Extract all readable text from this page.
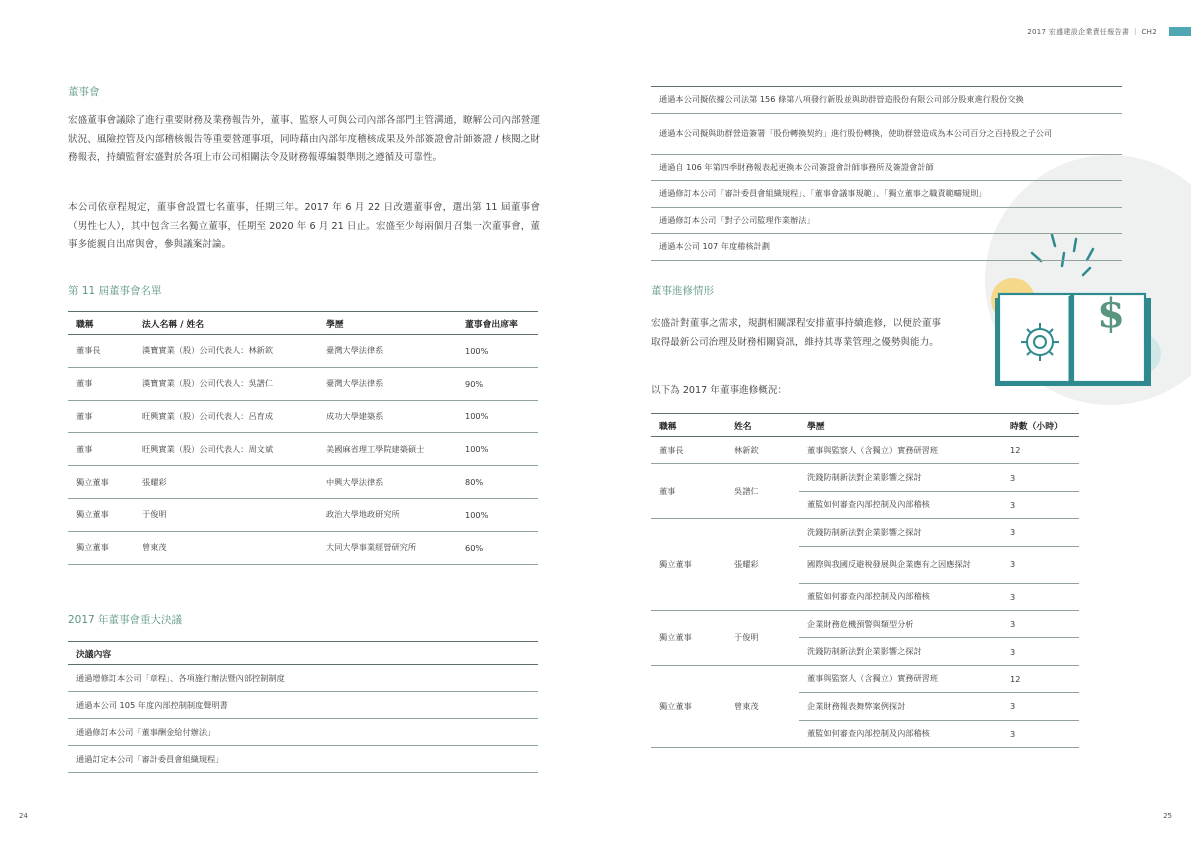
2017 宏盛建設企業責任報告書 ｜ CH2
24	25
董事會

宏盛董事會議除了進行重要財務及業務報告外，董事、監察人可與公司內部各部門主管溝通，瞭解公司內部營運狀況、風險控管及內部稽核報告等重要營運事項，同時藉由內部年度稽核成果及外部簽證會計師簽證 / 核閱之財務報表，持續監督宏盛對於各項上市公司相關法令及財務報導編製準則之遵循及可靠性。

本公司依章程規定，董事會設置七名董事，任期三年。2017 年 6 月 22 日改選董事會，選出第 11 屆董事會（男性七人），其中包含三名獨立董事，任期至 2020 年 6 月 21 日止。宏盛至少每兩個月召集一次董事會，董事多能親自出席與會，參與議案討論。

第 11 屆董事會名單
職稱	法人名稱 / 姓名	學歷	董事會出席率
董事長	漢寶實業（股）公司代表人：林新欽	臺灣大學法律系	100%
董事	漢寶實業（股）公司代表人：吳譜仁	臺灣大學法律系	90%
董事	旺興實業（股）公司代表人：呂育成	成功大學建築系	100%
董事	旺興實業（股）公司代表人：周文斌	美國麻省理工學院建築碩士	100%
獨立董事	張耀彩	中興大學法律系	80%
獨立董事	于俊明	政治大學地政研究所	100%
獨立董事	曾東茂	大同大學事業經營研究所	60%
2017 年董事會重大決議
決議內容
通過增修訂本公司「章程」、各項施行辦法暨內部控制制度
通過本公司 105 年度內部控制制度聲明書
通過修訂本公司「董事酬金給付辦法」
通過訂定本公司「審計委員會組織規程」
$
通過本公司擬依據公司法第 156 條第八項發行新股並與助群營造股份有限公司部分股東進行股份交換
通過本公司擬與助群營造簽署「股份轉換契約」進行股份轉換，使助群營造成為本公司百分之百持股之子公司
通過自 106 年第四季財務報表起更換本公司簽證會計師事務所及簽證會計師
通過修訂本公司「審計委員會組織規程」、「董事會議事規範」、「獨立董事之職責範疇規則」
通過修訂本公司「對子公司監理作業辦法」
通過本公司 107 年度稽核計劃
董事進修情形

宏盛計對董事之需求，規劃相關課程安排董事持續進修，以便於董事取得最新公司治理及財務相關資訊，維持其專業管理之優勢與能力。

以下為 2017 年董事進修概況：

職稱	姓名	學歷	時數（小時）
董事長	林新欽	董事與監察人（含獨立）實務研習班	12
董事	吳譜仁	洗錢防制新法對企業影響之探討	3
		董監如何審查內部控制及內部稽核	3
獨立董事	張耀彩	洗錢防制新法對企業影響之探討	3
		國際與我國反避稅發展與企業應有之因應探討	3
		董監如何審查內部控制及內部稽核	3
獨立董事	于俊明	企業財務危機預警與類型分析	3
		洗錢防制新法對企業影響之探討	3
獨立董事	曾東茂	董事與監察人（含獨立）實務研習班	12
		企業財務報表舞弊案例探討	3
		董監如何審查內部控制及內部稽核	3
